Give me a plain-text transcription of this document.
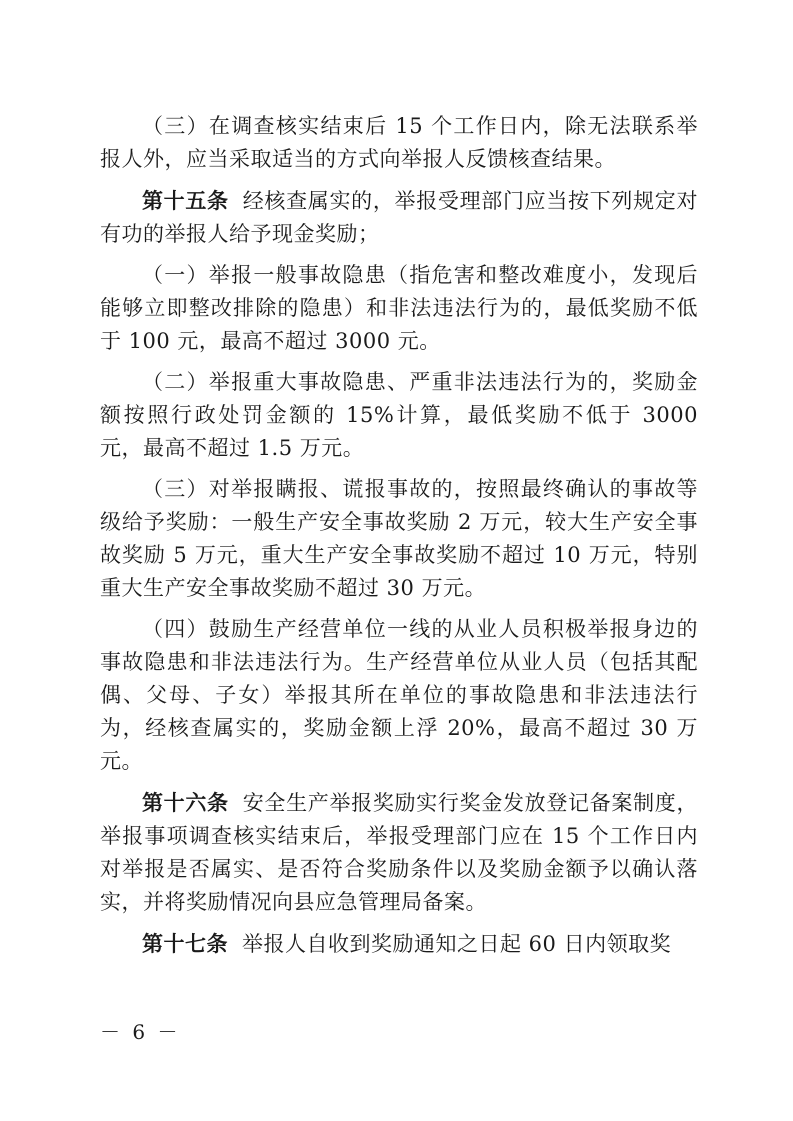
（三）在调查核实结束后 15 个工作日内，除无法联系举报人外，应当采取适当的方式向举报人反馈核查结果。

第十五条 经核查属实的，举报受理部门应当按下列规定对有功的举报人给予现金奖励；

（一）举报一般事故隐患（指危害和整改难度小，发现后能够立即整改排除的隐患）和非法违法行为的，最低奖励不低于 100 元，最高不超过 3000 元。

（二）举报重大事故隐患、严重非法违法行为的，奖励金额按照行政处罚金额的 15%计算，最低奖励不低于 3000 元，最高不超过 1.5 万元。

（三）对举报瞒报、谎报事故的，按照最终确认的事故等级给予奖励：一般生产安全事故奖励 2 万元，较大生产安全事故奖励 5 万元，重大生产安全事故奖励不超过 10 万元，特别重大生产安全事故奖励不超过 30 万元。

（四）鼓励生产经营单位一线的从业人员积极举报身边的事故隐患和非法违法行为。生产经营单位从业人员（包括其配偶、父母、子女）举报其所在单位的事故隐患和非法违法行为，经核查属实的，奖励金额上浮 20%，最高不超过 30 万元。

第十六条 安全生产举报奖励实行奖金发放登记备案制度，举报事项调查核实结束后，举报受理部门应在 15 个工作日内对举报是否属实、是否符合奖励条件以及奖励金额予以确认落实，并将奖励情况向县应急管理局备案。

第十七条 举报人自收到奖励通知之日起 60 日内领取奖

－ 6 －
